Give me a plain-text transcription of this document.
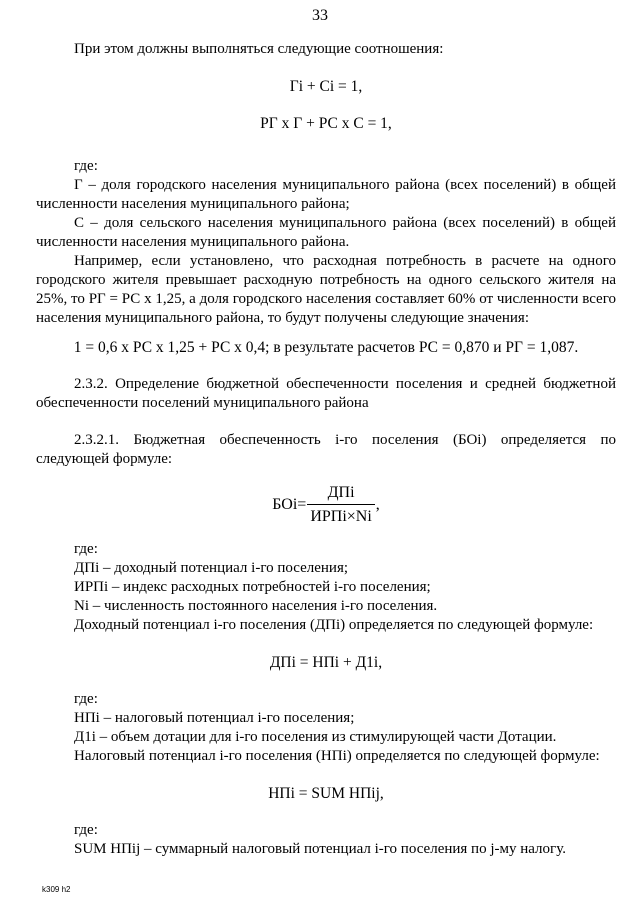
33

При этом должны выполняться следующие соотношения:

Гi + Ci = 1,

РГ х Г + РС х С = 1,

где:

Г – доля городского населения муниципального района (всех поселений) в общей численности населения муниципального района;

С – доля сельского населения муниципального района (всех поселений) в общей численности населения муниципального района.

Например, если установлено, что расходная потребность в расчете на одного городского жителя превышает расходную потребность на одного сельского жителя на 25%, то РГ = РС х 1,25, а доля городского населения составляет 60% от численности всего населения муниципального района, то будут получены следующие значения:

1 = 0,6 х РС х 1,25 + РС х 0,4; в результате расчетов РС = 0,870 и РГ = 1,087.

2.3.2. Определение бюджетной обеспеченности поселения и средней бюджетной обеспеченности поселений муниципального района

2.3.2.1. Бюджетная обеспеченность i-го поселения (БОi) определяется по следующей формуле:

$БОi= \frac{\text{ДПi}}{\text{ИРПi×Ni}}$ ,

где:

ДПi – доходный потенциал i-го поселения;

ИРПi – индекс расходных потребностей i-го поселения;

Ni – численность постоянного населения i-го поселения.

Доходный потенциал i-го поселения (ДПi) определяется по следующей формуле:

ДПi = НПi + Д1i,

где:

НПi – налоговый потенциал i-го поселения;

Д1i – объем дотации для i-го поселения из стимулирующей части Дотации.

Налоговый потенциал i-го поселения (НПi) определяется по следующей формуле:

НПi = SUM НПij,

где:

SUM НПij – суммарный налоговый потенциал i-го поселения по j-му налогу.

k309 h2
